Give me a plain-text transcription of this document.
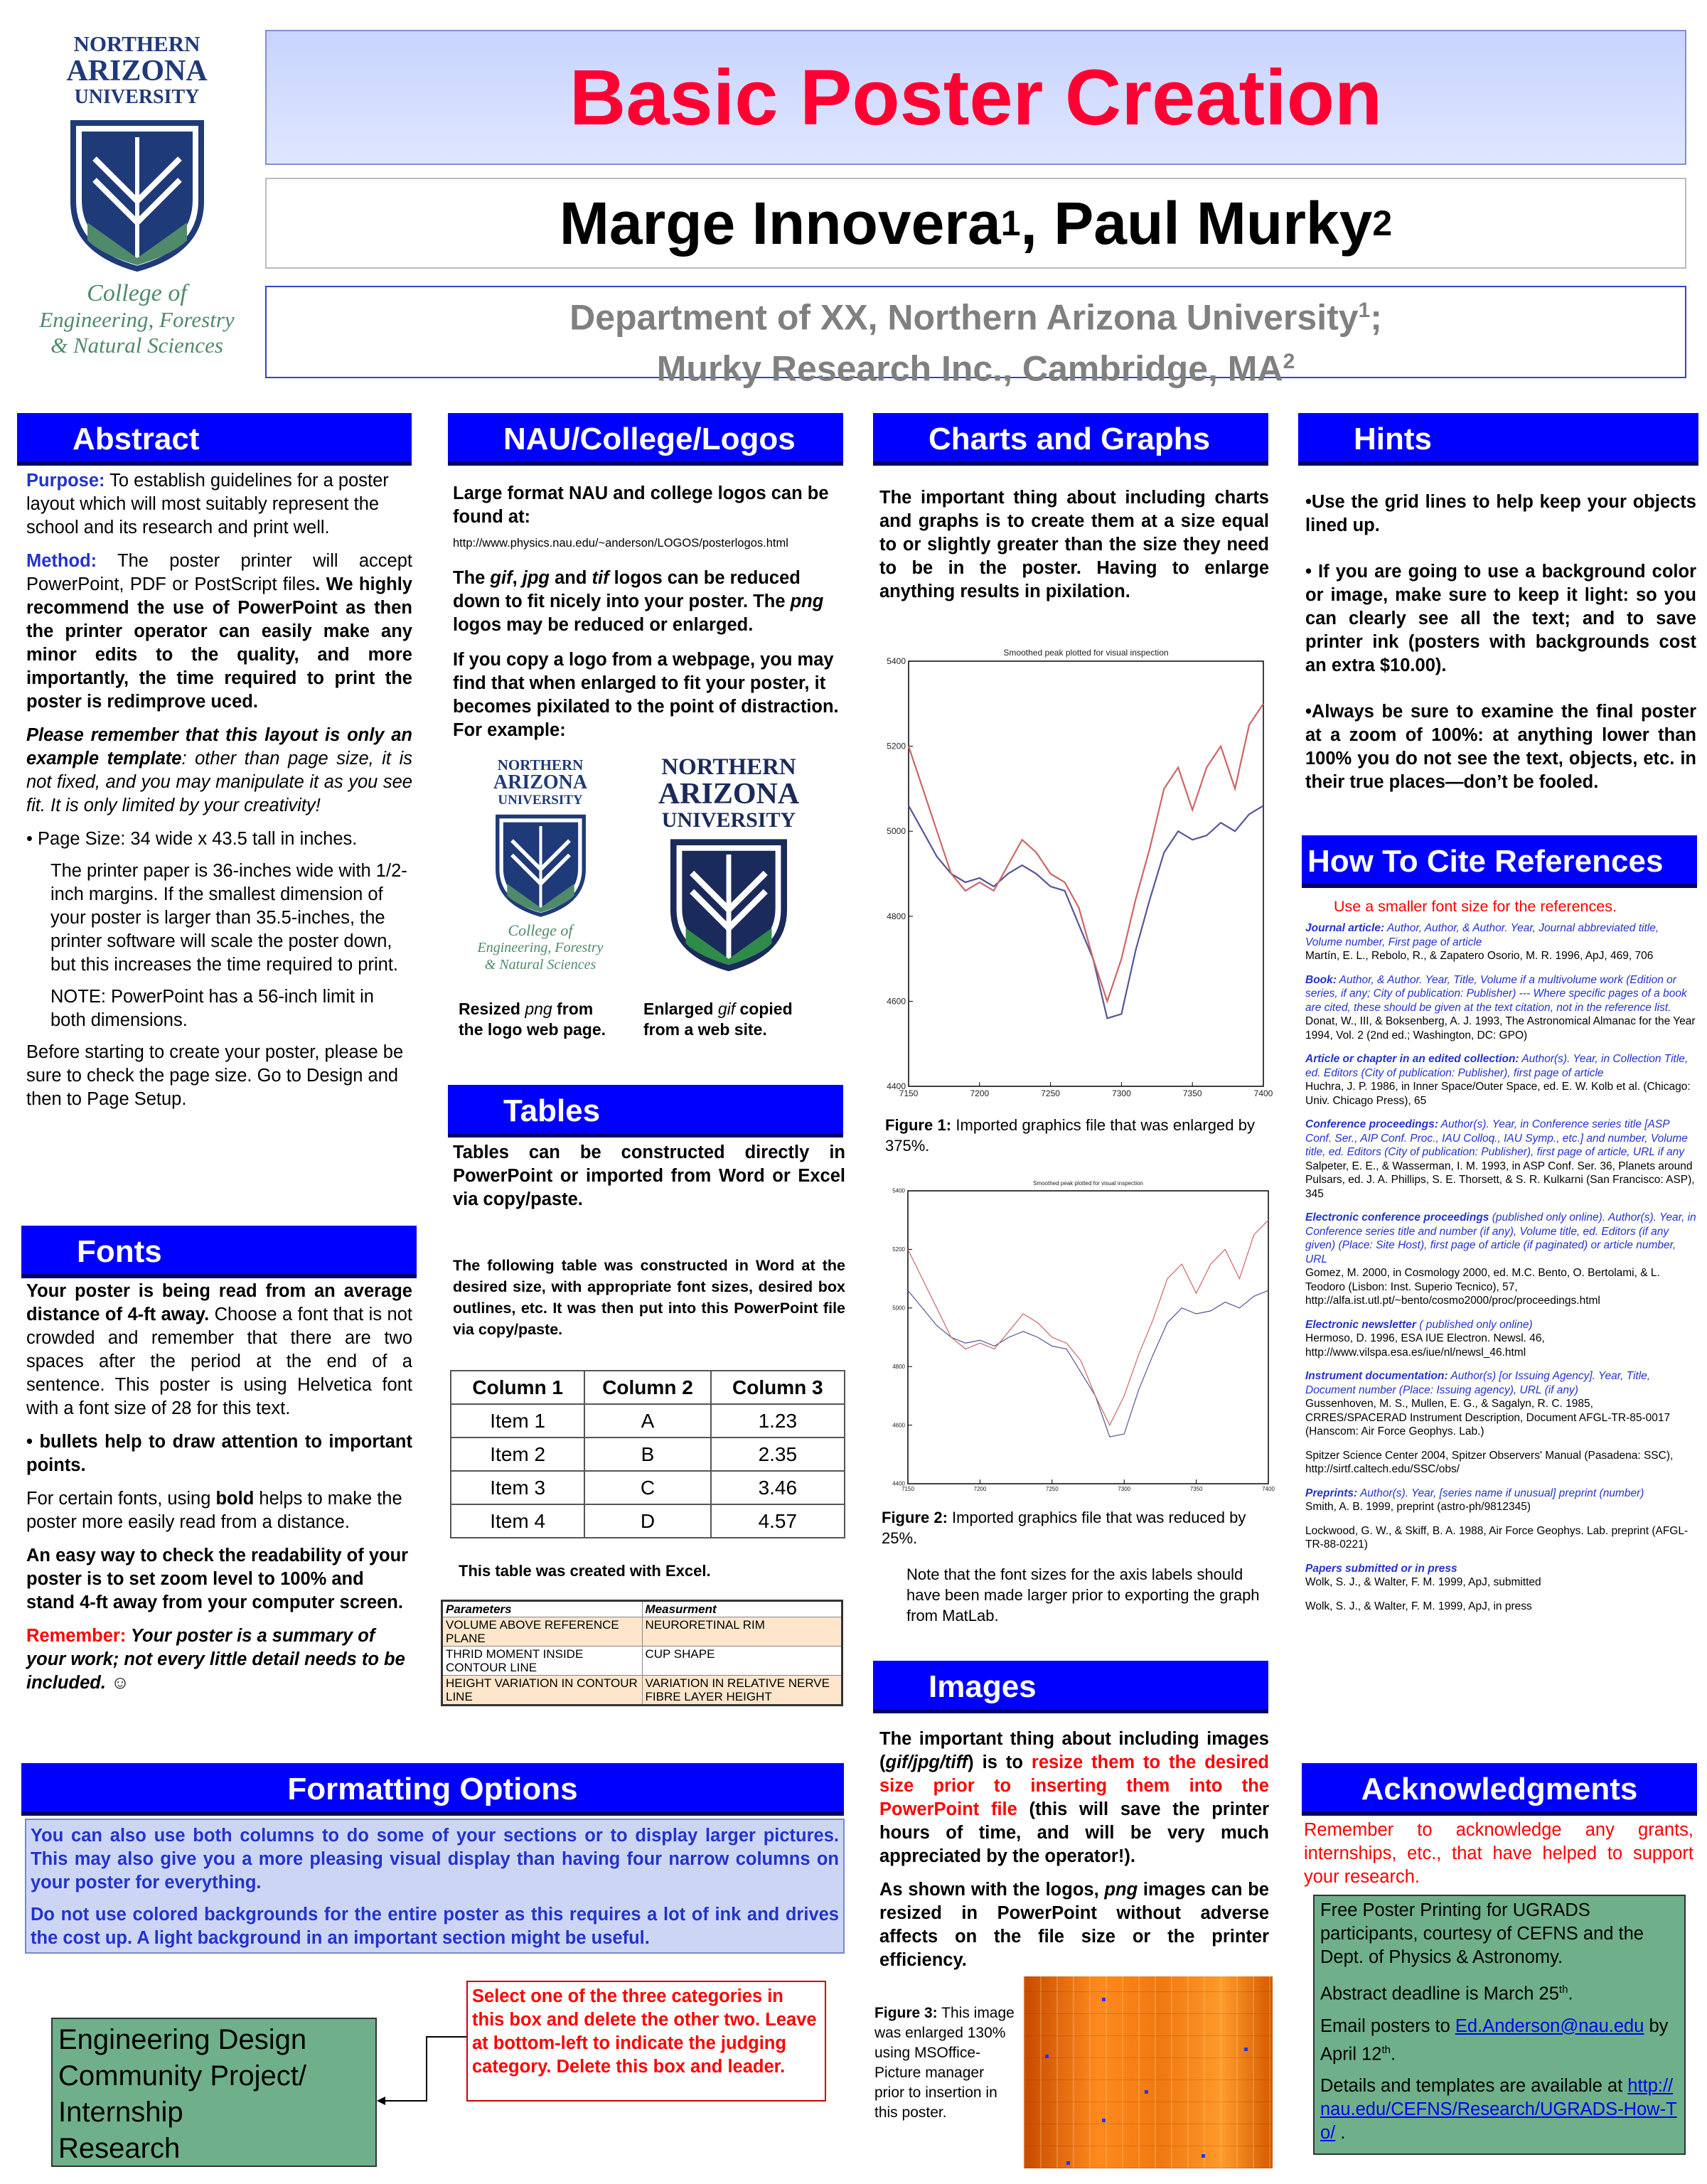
NORTHERN
ARIZONA
UNIVERSITY
College of
Engineering, Forestry
& Natural Sciences
Basic Poster Creation
Marge Innovera 1 , Paul Murky 2
Department of XX, Northern Arizona University$^1$;
Murky Research Inc., Cambridge, $MA^2$
Abstract

Purpose: To establish guidelines for a poster layout which will most suitably represent the school and its research and print well.

Method: The poster printer will accept PowerPoint, PDF or PostScript files. We highly recommend the use of PowerPoint as then the printer operator can easily make any minor edits to the quality, and more importantly, the time required to print the poster is redimprove uced.

Please remember that this layout is only an example template: other than page size, it is not fixed, and you may manipulate it as you see fit. It is only limited by your creativity!

• Page Size: 34 wide x 43.5 tall in inches.

The printer paper is 36-inches wide with 1/2-inch margins. If the smallest dimension of your poster is larger than 35.5-inches, the printer software will scale the poster down, but this increases the time required to print.

NOTE: PowerPoint has a 56-inch limit in both dimensions.

Before starting to create your poster, please be sure to check the page size. Go to Design and then to Page Setup.

Fonts

Your poster is being read from an average distance of 4-ft away. Choose a font that is not crowded and remember that there are two spaces after the period at the end of a sentence. This poster is using Helvetica font with a font size of 28 for this text.

• bullets help to draw attention to important points.

For certain fonts, using bold helps to make the poster more easily read from a distance.

An easy way to check the readability of your poster is to set zoom level to 100% and stand 4-ft away from your computer screen.

Remember: Your poster is a summary of your work; not every little detail needs to be included. ☺

NAU/College/Logos

Large format NAU and college logos can be found at:

http://www.physics.nau.edu/~anderson/LOGOS/posterlogos.html

The gif, jpg and tif logos can be reduced down to fit nicely into your poster. The png logos may be reduced or enlarged.

If you copy a logo from a webpage, you may find that when enlarged to fit your poster, it becomes pixilated to the point of distraction. For example:

NORTHERN
ARIZONA
UNIVERSITY
College of
Engineering, Forestry
& Natural Sciences
NORTHERN
ARIZONA
UNIVERSITY
Resized png from the logo web page.
Enlarged gif copied from a web site.
Tables
Tables can be constructed directly in PowerPoint or imported from Word or Excel via copy/paste.
The following table was constructed in Word at the desired size, with appropriate font sizes, desired box outlines, etc. It was then put into this PowerPoint file via copy/paste.
Column 1	Column 2	Column 3
Item 1	A	1.23
Item 2	B	2.35
Item 3	C	3.46
Item 4	D	4.57
This table was created with Excel.
Parameters	Measurment
VOLUME ABOVE REFERENCE PLANE	NEURORETINAL RIM
THRID MOMENT INSIDE CONTOUR LINE	CUP SHAPE
HEIGHT VARIATION IN CONTOUR LINE	VARIATION IN RELATIVE NERVE FIBRE LAYER HEIGHT
Formatting Options

You can also use both columns to do some of your sections or to display larger pictures. This may also give you a more pleasing visual display than having four narrow columns on your poster for everything.

Do not use colored backgrounds for the entire poster as this requires a lot of ink and drives the cost up. A light background in an important section might be useful.

Select one of the three categories in this box and delete the other two. Leave at bottom-left to indicate the judging category. Delete this box and leader.
Engineering Design
Community Project/
Internship
Research
Charts and Graphs
The important thing about including charts and graphs is to create them at a size equal to or slightly greater than the size they need to be in the poster. Having to enlarge anything results in pixilation.
Smoothed peak plotted for visual inspection
7150	7200	7250	7300	7350	7400
4400
4600
4800
5000
5200
5400
Figure 1: Imported graphics file that was enlarged by 375%.
Smoothed peak plotted for visual inspection
7150	7200	7250	7300	7350	7400
4400
4600
4800
5000
5200
5400
Figure 2: Imported graphics file that was reduced by 25%.
Note that the font sizes for the axis labels should have been made larger prior to exporting the graph from MatLab.
Images

The important thing about including images (gif/jpg/tiff) is to resize them to the desired size prior to inserting them into the PowerPoint file (this will save the printer hours of time, and will be very much appreciated by the operator!).

As shown with the logos, png images can be resized in PowerPoint without adverse affects on the file size or the printer efficiency.

Figure 3: This image was enlarged 130% using MSOffice-Picture manager prior to insertion in this poster.
Hints

•Use the grid lines to help keep your objects lined up.

• If you are going to use a background color or image, make sure to keep it light: so you can clearly see all the text; and to save printer ink (posters with backgrounds cost an extra $10.00).

•Always be sure to examine the final poster at a zoom of 100%: at anything lower than 100% you do not see the text, objects, etc. in their true places—don’t be fooled.

How To Cite References
Use a smaller font size for the references.
Journal article: Author, Author, & Author. Year, Journal abbreviated title, Volume number, First page of article
Martín, E. L., Rebolo, R., & Zapatero Osorio, M. R. 1996, ApJ, 469, 706
Book: Author, & Author. Year, Title, Volume if a multivolume work (Edition or series, if any; City of publication: Publisher) --- Where specific pages of a book are cited, these should be given at the text citation, not in the reference list.
Donat, W., III, & Boksenberg, A. J. 1993, The Astronomical Almanac for the Year 1994, Vol. 2 (2nd ed.; Washington, DC: GPO)
Article or chapter in an edited collection: Author(s). Year, in Collection Title, ed. Editors (City of publication: Publisher), first page of article
Huchra, J. P. 1986, in Inner Space/Outer Space, ed. E. W. Kolb et al. (Chicago: Univ. Chicago Press), 65
Conference proceedings: Author(s). Year, in Conference series title [ASP Conf. Ser., AIP Conf. Proc., IAU Colloq., IAU Symp., etc.] and number, Volume title, ed. Editors (City of publication: Publisher), first page of article, URL if any
Salpeter, E. E., & Wasserman, I. M. 1993, in ASP Conf. Ser. 36, Planets around Pulsars, ed. J. A. Phillips, S. E. Thorsett, & S. R. Kulkarni (San Francisco: ASP), 345
Electronic conference proceedings (published only online). Author(s). Year, in Conference series title and number (if any), Volume title, ed. Editors (if any given) (Place: Site Host), first page of article (if paginated) or article number, URL
Gomez, M. 2000, in Cosmology 2000, ed. M.C. Bento, O. Bertolami, & L. Teodoro (Lisbon: Inst. Superio Tecnico), 57, http://alfa.ist.utl.pt/~bento/cosmo2000/proc/proceedings.html
Electronic newsletter ( published only online)
Hermoso, D. 1996, ESA IUE Electron. Newsl. 46, http://www.vilspa.esa.es/iue/nl/newsl_46.html
Instrument documentation: Author(s) [or Issuing Agency]. Year, Title, Document number (Place: Issuing agency), URL (if any)
Gussenhoven, M. S., Mullen, E. G., & Sagalyn, R. C. 1985, CRRES/SPACERAD Instrument Description, Document AFGL-TR-85-0017 (Hanscom: Air Force Geophys. Lab.)
Spitzer Science Center 2004, Spitzer Observers' Manual (Pasadena: SSC), http://sirtf.caltech.edu/SSC/obs/
Preprints: Author(s). Year, [series name if unusual] preprint (number)
Smith, A. B. 1999, preprint (astro-ph/9812345)
Lockwood, G. W., & Skiff, B. A. 1988, Air Force Geophys. Lab. preprint (AFGL-TR-88-0221)
Papers submitted or in press
Wolk, S. J., & Walter, F. M. 1999, ApJ, submitted
Wolk, S. J., & Walter, F. M. 1999, ApJ, in press
Acknowledgments
Remember to acknowledge any grants, internships, etc., that have helped to support your research.

Free Poster Printing for UGRADS participants, courtesy of CEFNS and the Dept. of Physics & Astronomy.

Abstract deadline is March 25th.

Email posters to Ed.Anderson@nau.edu by April 12th.

Details and templates are available at http://nau.edu/CEFNS/Research/UGRADS-How-To/ .
